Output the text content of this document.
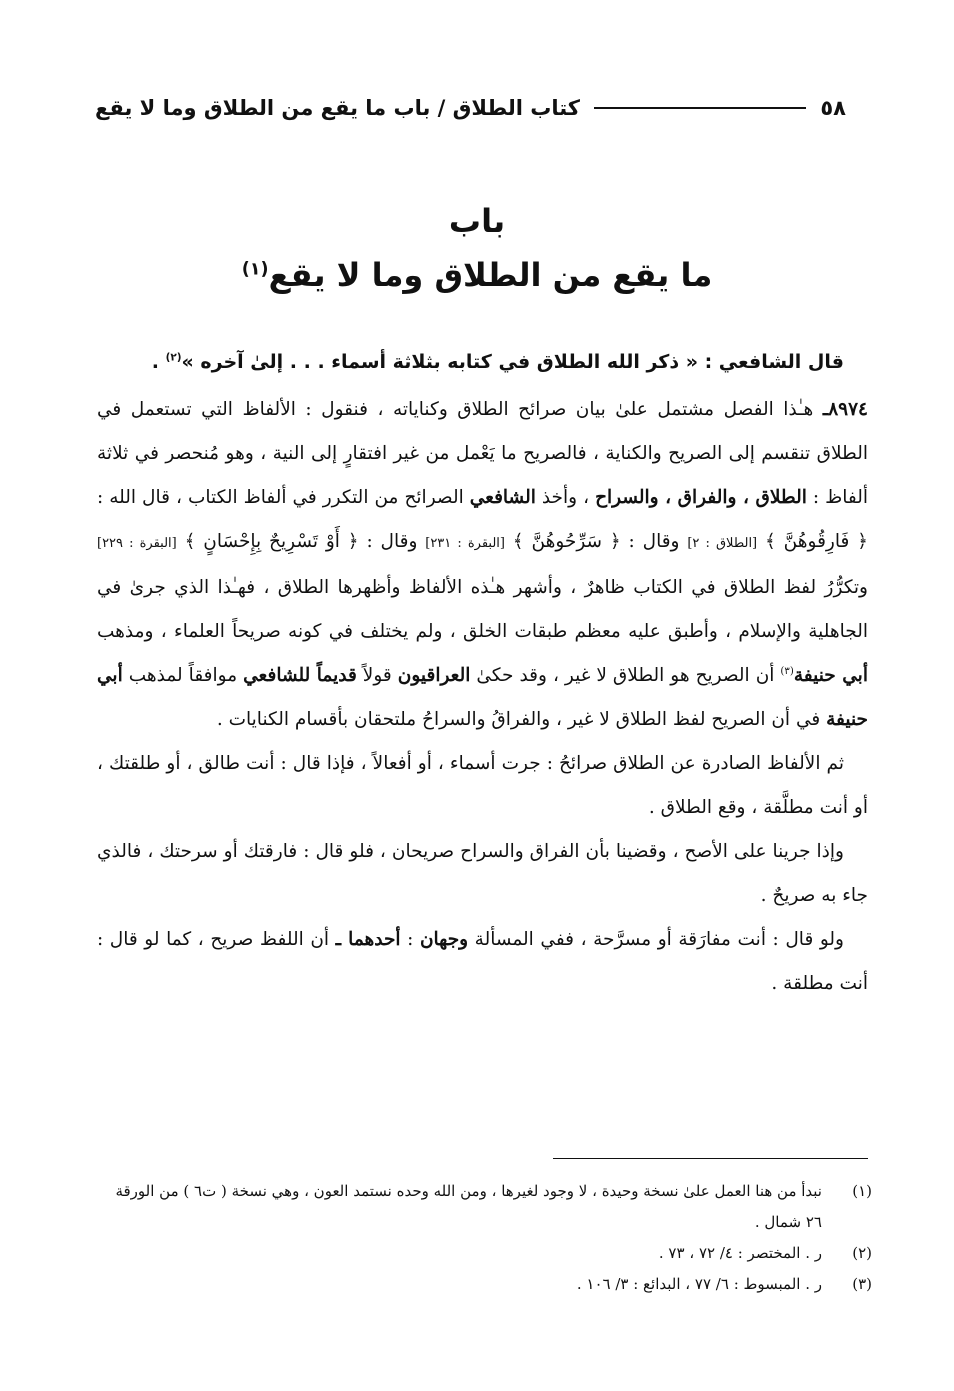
٥٨
كتاب الطلاق / باب ما يقع من الطلاق وما لا يقع
باب
ما يقع من الطلاق وما لا يقع$^{(١)}$

قال الشافعي : « ذكر الله الطلاق في كتابه بثلاثة أسماء . . . إلىٰ آخره »$^{(٢)}$ .

٨٩٧٤ـ هـٰذا الفصل مشتمل علىٰ بيان صرائح الطلاق وكناياته ، فنقول : الألفاظ التي تستعمل في الطلاق تنقسم إلى الصريح والكناية ، فالصريح ما يَعْمل من غير افتقارٍ إلى النية ، وهو مُنحصر في ثلاثة ألفاظ : الطلاق ، والفراق ، والسراح ، وأخذ الشافعي الصرائح من التكرر في ألفاظ الكتاب ، قال الله : ﴿ فَارِقُوهُنَّ ﴾ [الطلاق : ٢] وقال : ﴿ سَرِّحُوهُنَّ ﴾ [البقرة : ٢٣١] وقال : ﴿ أَوْ تَسْرِيحٌ بِإِحْسَانٍ ﴾ [البقرة : ٢٢٩] وتكرُّرُ لفظ الطلاق في الكتاب ظاهرٌ ، وأشهر هـٰذه الألفاظ وأظهرها الطلاق ، فهـٰذا الذي جرىٰ في الجاهلية والإسلام ، وأطبق عليه معظم طبقات الخلق ، ولم يختلف في كونه صريحاً العلماء ، ومذهب أبي حنيفة$^{(٣)}$ أن الصريح هو الطلاق لا غير ، وقد حكىٰ العراقيون قولاً قديماً للشافعي موافقاً لمذهب أبي حنيفة في أن الصريح لفظ الطلاق لا غير ، والفراقُ والسراحُ ملتحقان بأقسام الكنايات .

ثم الألفاظ الصادرة عن الطلاق صرائحُ : جرت أسماء ، أو أفعالاً ، فإذا قال : أنت طالق ، أو طلقتك ، أو أنت مطلَّقة ، وقع الطلاق .

وإذا جرينا على الأصح ، وقضينا بأن الفراق والسراح صريحان ، فلو قال : فارقتك أو سرحتك ، فالذي جاء به صريحٌ .

ولو قال : أنت مفارَقة أو مسرَّحة ، ففي المسألة وجهان : أحدهما ـ أن اللفظ صريح ، كما لو قال : أنت مطلقة .

(١)
نبدأ من هنا العمل علىٰ نسخة وحيدة ، لا وجود لغيرها ، ومن الله وحده نستمد العون ، وهي نسخة ( ت٦ ) من الورقة ٢٦ شمال .
(٢)
ر . المختصر : ٤/ ٧٢ ، ٧٣ .
(٣)
ر . المبسوط : ٦/ ٧٧ ، البدائع : ٣/ ١٠٦ .
